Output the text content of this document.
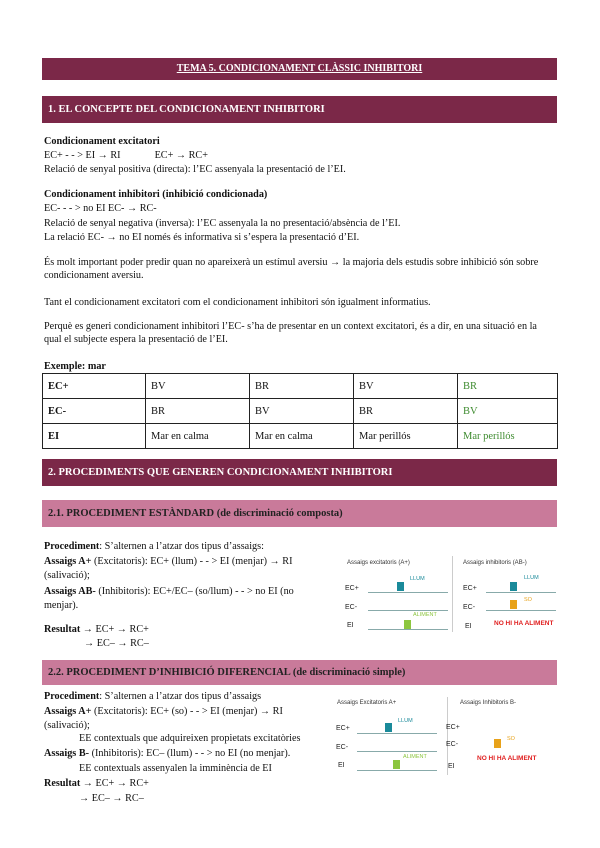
TEMA 5. CONDICIONAMENT CLÀSSIC INHIBITORI
1. EL CONCEPTE DEL CONDICIONAMENT INHIBITORI
Condicionament excitatori
EC+ - - > EI → RI	EC+ → RC+
Relació de senyal positiva (directa): l’EC assenyala la presentació de l’EI.
Condicionament inhibitori (inhibició condicionada)
EC- - - > no EI EC- → RC-
Relació de senyal negativa (inversa): l’EC assenyala la no presentació/absència de l’EI.
La relació EC- → no EI només és informativa si s’espera la presentació d’EI.
És molt important poder predir quan no apareixerà un estímul aversiu → la majoria dels estudis sobre inhibició són sobre condicionament aversiu.
Tant el condicionament excitatori com el condicionament inhibitori són igualment informatius.
Perquè es generi condicionament inhibitori l’EC- s’ha de presentar en un context excitatori, és a dir, en una situació en la qual el subjecte espera la presentació de l’EI.
Exemple: mar
EC+	BV	BR	BV	BR
EC-	BR	BV	BR	BV
EI	Mar en calma	Mar en calma	Mar perillós	Mar perillós
2. PROCEDIMENTS QUE GENEREN CONDICIONAMENT INHIBITORI
2.1. PROCEDIMENT ESTÀNDARD (de discriminació composta)
Procediment: S’alternen a l’atzar dos tipus d’assaigs:
Assaigs A+ (Excitatoris): EC+ (llum) - - > EI (menjar) → RI
(salivació);
Assaigs AB- (Inhibitoris): EC+/EC– (so/llum) - - > no EI (no
menjar).
Resultat → EC+ → RC+
→ EC– → RC–
Assaigs excitatoris (A+)	Assaigs inhibitoris (AB-)
EC+
LLUM
EC-
ALIMENT
EI
EC+
LLUM
EC-
SO
EI	NO HI HA ALIMENT
2.2. PROCEDIMENT D’INHIBICIÓ DIFERENCIAL (de discriminació simple)
Procediment: S’alternen a l’atzar dos tipus d’assaigs
Assaigs A+ (Excitatoris): EC+ (so) - - > EI (menjar) → RI
(salivació);
EE contextuals que adquireixen propietats excitatòries
Assaigs B- (Inhibitoris): EC– (llum) - - > no EI (no menjar).
EE contextuals assenyalen la imminència de EI
Resultat → EC+ → RC+
→ EC– → RC–
Assaigs Excitatoris A+	Assaigs Inhibitoris B-
EC+
LLUM
EC-
ALIMENT
EI
EC+
EC-
SO
EI
NO HI HA ALIMENT
